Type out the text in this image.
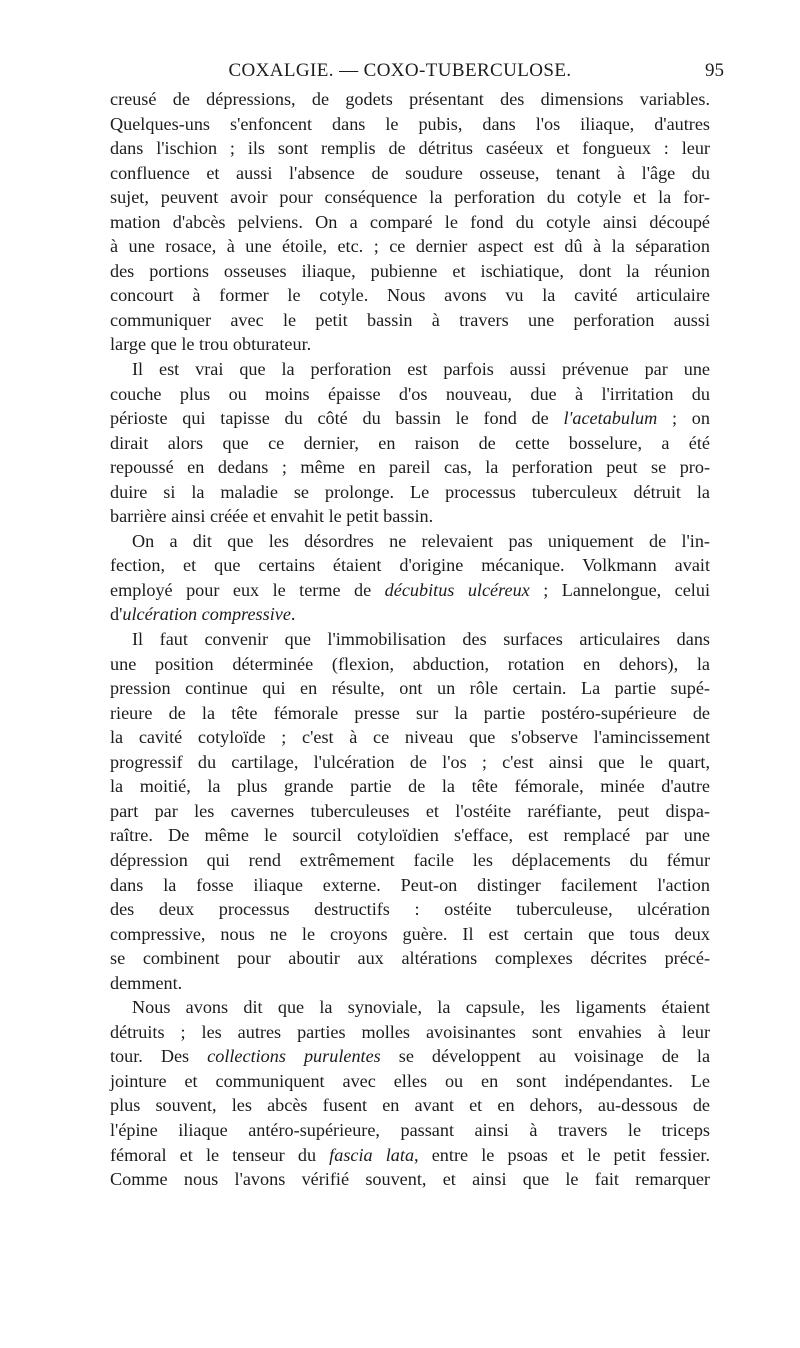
COXALGIE. — COXO-TUBERCULOSE.	95
creusé de dépressions, de godets présentant des dimensions variables.
Quelques-uns s'enfoncent dans le pubis, dans l'os iliaque, d'autres
dans l'ischion ; ils sont remplis de détritus caséeux et fongueux : leur
confluence et aussi l'absence de soudure osseuse, tenant à l'âge du
sujet, peuvent avoir pour conséquence la perforation du cotyle et la for-
mation d'abcès pelviens. On a comparé le fond du cotyle ainsi découpé
à une rosace, à une étoile, etc. ; ce dernier aspect est dû à la séparation
des portions osseuses iliaque, pubienne et ischiatique, dont la réunion
concourt à former le cotyle. Nous avons vu la cavité articulaire
communiquer avec le petit bassin à travers une perforation aussi
large que le trou obturateur.
Il est vrai que la perforation est parfois aussi prévenue par une
couche plus ou moins épaisse d'os nouveau, due à l'irritation du
périoste qui tapisse du côté du bassin le fond de l'acetabulum ; on
dirait alors que ce dernier, en raison de cette bosselure, a été
repoussé en dedans ; même en pareil cas, la perforation peut se pro-
duire si la maladie se prolonge. Le processus tuberculeux détruit la
barrière ainsi créée et envahit le petit bassin.
On a dit que les désordres ne relevaient pas uniquement de l'in-
fection, et que certains étaient d'origine mécanique. Volkmann avait
employé pour eux le terme de décubitus ulcéreux ; Lannelongue, celui
d'ulcération compressive.
Il faut convenir que l'immobilisation des surfaces articulaires dans
une position déterminée (flexion, abduction, rotation en dehors), la
pression continue qui en résulte, ont un rôle certain. La partie supé-
rieure de la tête fémorale presse sur la partie postéro-supérieure de
la cavité cotyloïde ; c'est à ce niveau que s'observe l'amincissement
progressif du cartilage, l'ulcération de l'os ; c'est ainsi que le quart,
la moitié, la plus grande partie de la tête fémorale, minée d'autre
part par les cavernes tuberculeuses et l'ostéite raréfiante, peut dispa-
raître. De même le sourcil cotyloïdien s'efface, est remplacé par une
dépression qui rend extrêmement facile les déplacements du fémur
dans la fosse iliaque externe. Peut-on distinger facilement l'action
des deux processus destructifs : ostéite tuberculeuse, ulcération
compressive, nous ne le croyons guère. Il est certain que tous deux
se combinent pour aboutir aux altérations complexes décrites précé-
demment.
Nous avons dit que la synoviale, la capsule, les ligaments étaient
détruits ; les autres parties molles avoisinantes sont envahies à leur
tour. Des collections purulentes se développent au voisinage de la
jointure et communiquent avec elles ou en sont indépendantes. Le
plus souvent, les abcès fusent en avant et en dehors, au-dessous de
l'épine iliaque antéro-supérieure, passant ainsi à travers le triceps
fémoral et le tenseur du fascia lata, entre le psoas et le petit fessier.
Comme nous l'avons vérifié souvent, et ainsi que le fait remarquer
